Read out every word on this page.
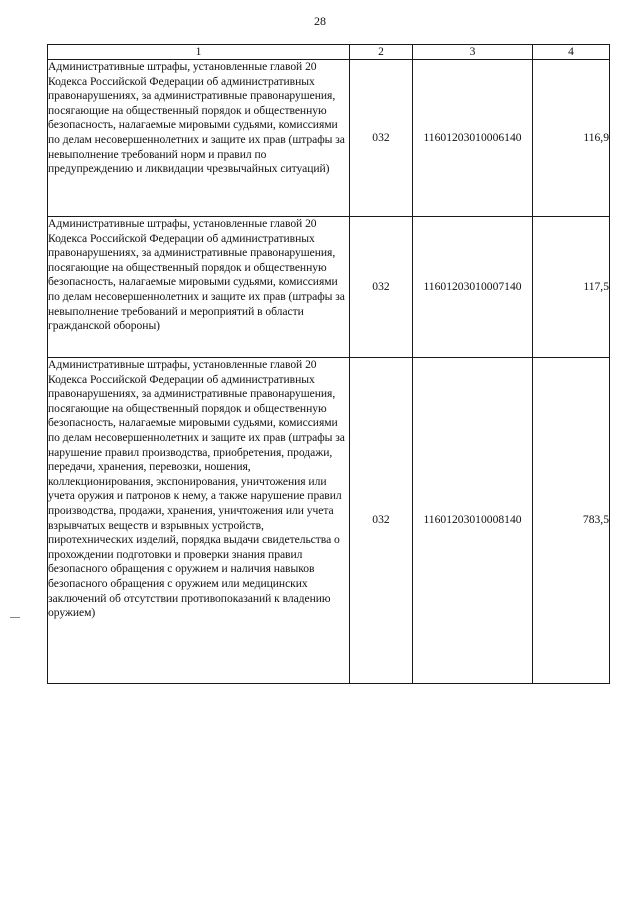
28
1	2	3	4
Административные штрафы, установленные главой 20 Кодекса Российской Федерации об административных правонарушениях, за административные правонарушения, посягающие на общественный порядок и общественную безопасность, налагаемые мировыми судьями, комиссиями по делам несовершеннолетних и защите их прав (штрафы за невыполнение требований норм и правил по предупреждению и ликвидации чрезвычайных ситуаций)	032	11601203010006140	116,9
Административные штрафы, установленные главой 20 Кодекса Российской Федерации об административных правонарушениях, за административные правонарушения, посягающие на общественный порядок и общественную безопасность, налагаемые мировыми судьями, комиссиями по делам несовершеннолетних и защите их прав (штрафы за невыполнение требований и мероприятий в области гражданской обороны)	032	11601203010007140	117,5
Административные штрафы, установленные главой 20 Кодекса Российской Федерации об административных правонарушениях, за административные правонарушения, посягающие на общественный порядок и общественную безопасность, налагаемые мировыми судьями, комиссиями по делам несовершеннолетних и защите их прав (штрафы за нарушение правил производства, приобретения, продажи, передачи, хранения, перевозки, ношения, коллекционирования, экспонирования, уничтожения или учета оружия и патронов к нему, а также нарушение правил производства, продажи, хранения, уничтожения или учета взрывчатых веществ и взрывных устройств, пиротехнических изделий, порядка выдачи свидетельства о прохождении подготовки и проверки знания правил безопасного обращения с оружием и наличия навыков безопасного обращения с оружием или медицинских заключений об отсутствии противопоказаний к владению оружием)	032	11601203010008140	783,5
